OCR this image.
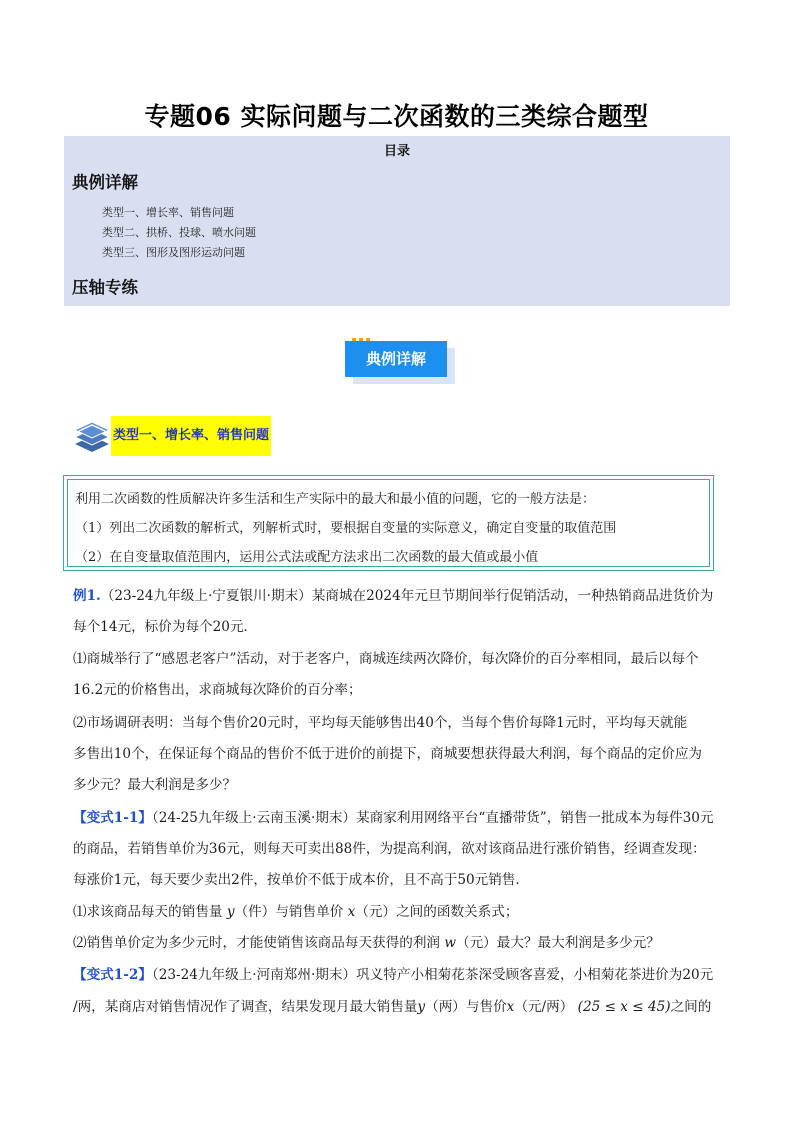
专题06 实际问题与二次函数的三类综合题型
目录
典例详解
类型一、增长率、销售问题
类型二、拱桥、投球、喷水问题
类型三、图形及图形运动问题
压轴专练
典例详解
类型一、增长率、销售问题
利用二次函数的性质解决许多生活和生产实际中的最大和最小值的问题，它的一般方法是：
（1）列出二次函数的解析式，列解析式时，要根据自变量的实际意义，确定自变量的取值范围
（2）在自变量取值范围内，运用公式法或配方法求出二次函数的最大值或最小值
例1.（23-24九年级上·宁夏银川·期末）某商城在2024年元旦节期间举行促销活动，一种热销商品进货价为
每个14元，标价为每个20元．
⑴商城举行了“感恩老客户”活动，对于老客户，商城连续两次降价，每次降价的百分率相同，最后以每个
16.2元的价格售出，求商城每次降价的百分率；
⑵市场调研表明：当每个售价20元时，平均每天能够售出40个，当每个售价每降1元时，平均每天就能
多售出10个，在保证每个商品的售价不低于进价的前提下，商城要想获得最大利润，每个商品的定价应为
多少元？最大利润是多少？
【变式1-1】（24-25九年级上·云南玉溪·期末）某商家利用网络平台“直播带货”，销售一批成本为每件30元
的商品，若销售单价为36元，则每天可卖出88件，为提高利润，欲对该商品进行涨价销售，经调查发现：
每涨价1元，每天要少卖出2件，按单价不低于成本价，且不高于50元销售．
⑴求该商品每天的销售量 y（件）与销售单价 x（元）之间的函数关系式；
⑵销售单价定为多少元时，才能使销售该商品每天获得的利润 w（元）最大？最大利润是多少元？
【变式1-2】（23-24九年级上·河南郑州·期末）巩义特产小相菊花茶深受顾客喜爱，小相菊花茶进价为20元
/两，某商店对销售情况作了调查，结果发现月最大销售量y（两）与售价x（元/两） (25 ≤ x ≤ 45)之间的
